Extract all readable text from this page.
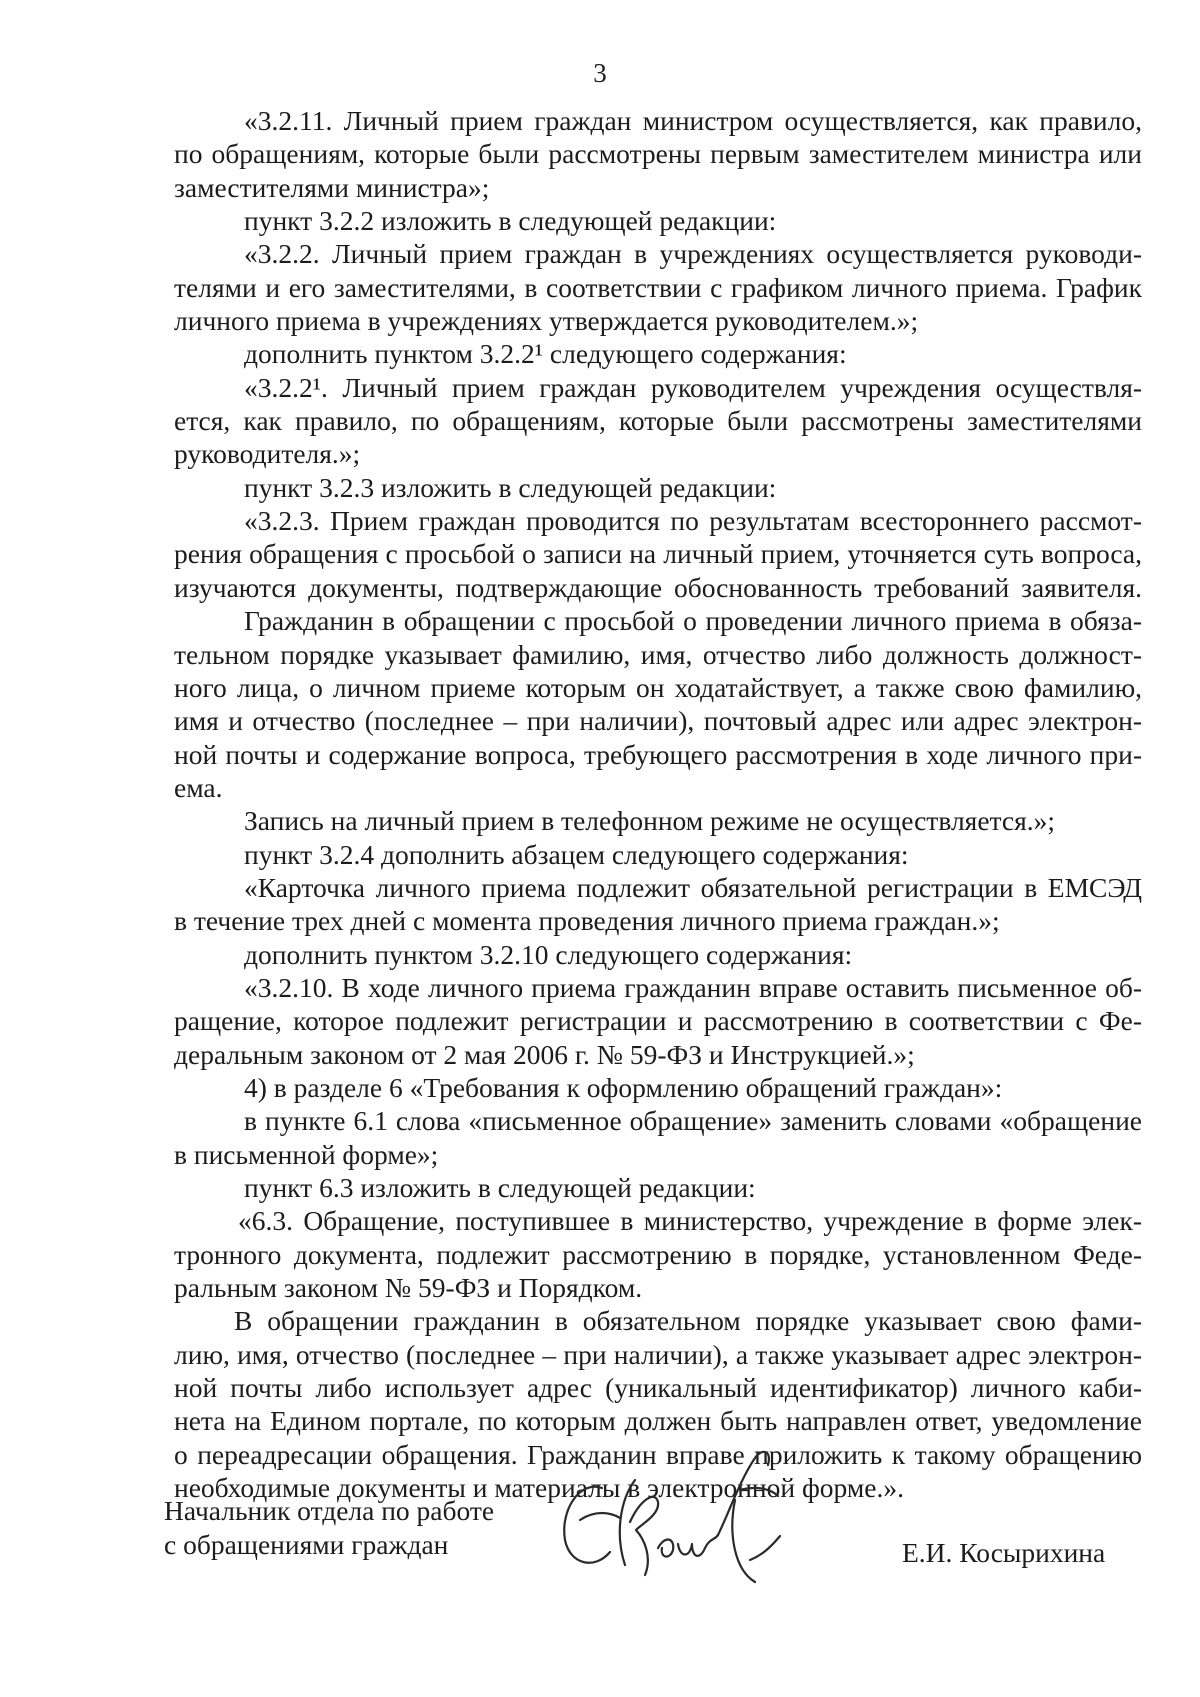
3
«3.2.11. Личный прием граждан министром осуществляется, как правило,
по обращениям, которые были рассмотрены первым заместителем министра или
заместителями министра»;
пункт 3.2.2 изложить в следующей редакции:
«3.2.2. Личный прием граждан в учреждениях осуществляется руководи-
телями и его заместителями, в соответствии с графиком личного приема. График
личного приема в учреждениях утверждается руководителем.»;
дополнить пунктом 3.2.2¹ следующего содержания:
«3.2.2¹. Личный прием граждан руководителем учреждения осуществля-
ется, как правило, по обращениям, которые были рассмотрены заместителями
руководителя.»;
пункт 3.2.3 изложить в следующей редакции:
«3.2.3. Прием граждан проводится по результатам всестороннего рассмот-
рения обращения с просьбой о записи на личный прием, уточняется суть вопроса,
изучаются документы, подтверждающие обоснованность требований заявителя.
Гражданин в обращении с просьбой о проведении личного приема в обяза-
тельном порядке указывает фамилию, имя, отчество либо должность должност-
ного лица, о личном приеме которым он ходатайствует, а также свою фамилию,
имя и отчество (последнее – при наличии), почтовый адрес или адрес электрон-
ной почты и содержание вопроса, требующего рассмотрения в ходе личного при-
ема.
Запись на личный прием в телефонном режиме не осуществляется.»;
пункт 3.2.4 дополнить абзацем следующего содержания:
«Карточка личного приема подлежит обязательной регистрации в ЕМСЭД
в течение трех дней с момента проведения личного приема граждан.»;
дополнить пунктом 3.2.10 следующего содержания:
«3.2.10. В ходе личного приема гражданин вправе оставить письменное об-
ращение, которое подлежит регистрации и рассмотрению в соответствии с Фе-
деральным законом от 2 мая 2006 г. № 59-ФЗ и Инструкцией.»;
4) в разделе 6 «Требования к оформлению обращений граждан»:
в пункте 6.1 слова «письменное обращение» заменить словами «обращение
в письменной форме»;
пункт 6.3 изложить в следующей редакции:
«6.3. Обращение, поступившее в министерство, учреждение в форме элек-
тронного документа, подлежит рассмотрению в порядке, установленном Феде-
ральным законом № 59-ФЗ и Порядком.
В обращении гражданин в обязательном порядке указывает свою фами-
лию, имя, отчество (последнее – при наличии), а также указывает адрес электрон-
ной почты либо использует адрес (уникальный идентификатор) личного каби-
нета на Едином портале, по которым должен быть направлен ответ, уведомление
о переадресации обращения. Гражданин вправе приложить к такому обращению
необходимые документы и материалы в электронной форме.».
Начальник отдела по работе
с обращениями граждан	Е.И. Косырихина
